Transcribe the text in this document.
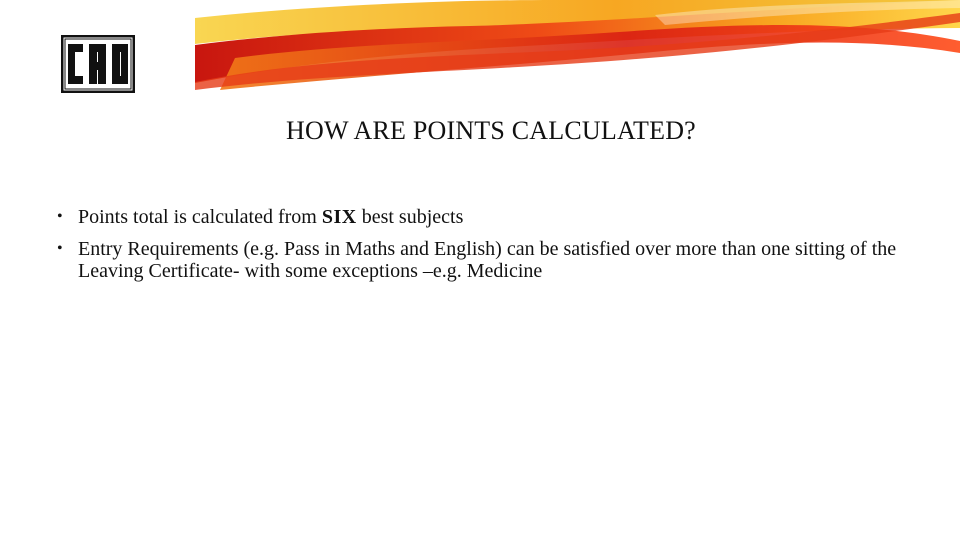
HOW ARE POINTS CALCULATED?
• Points total is calculated from SIX best subjects
• Entry Requirements (e.g. Pass in Maths and English) can be satisfied over more than one sitting of the Leaving Certificate- with some exceptions –e.g. Medicine
